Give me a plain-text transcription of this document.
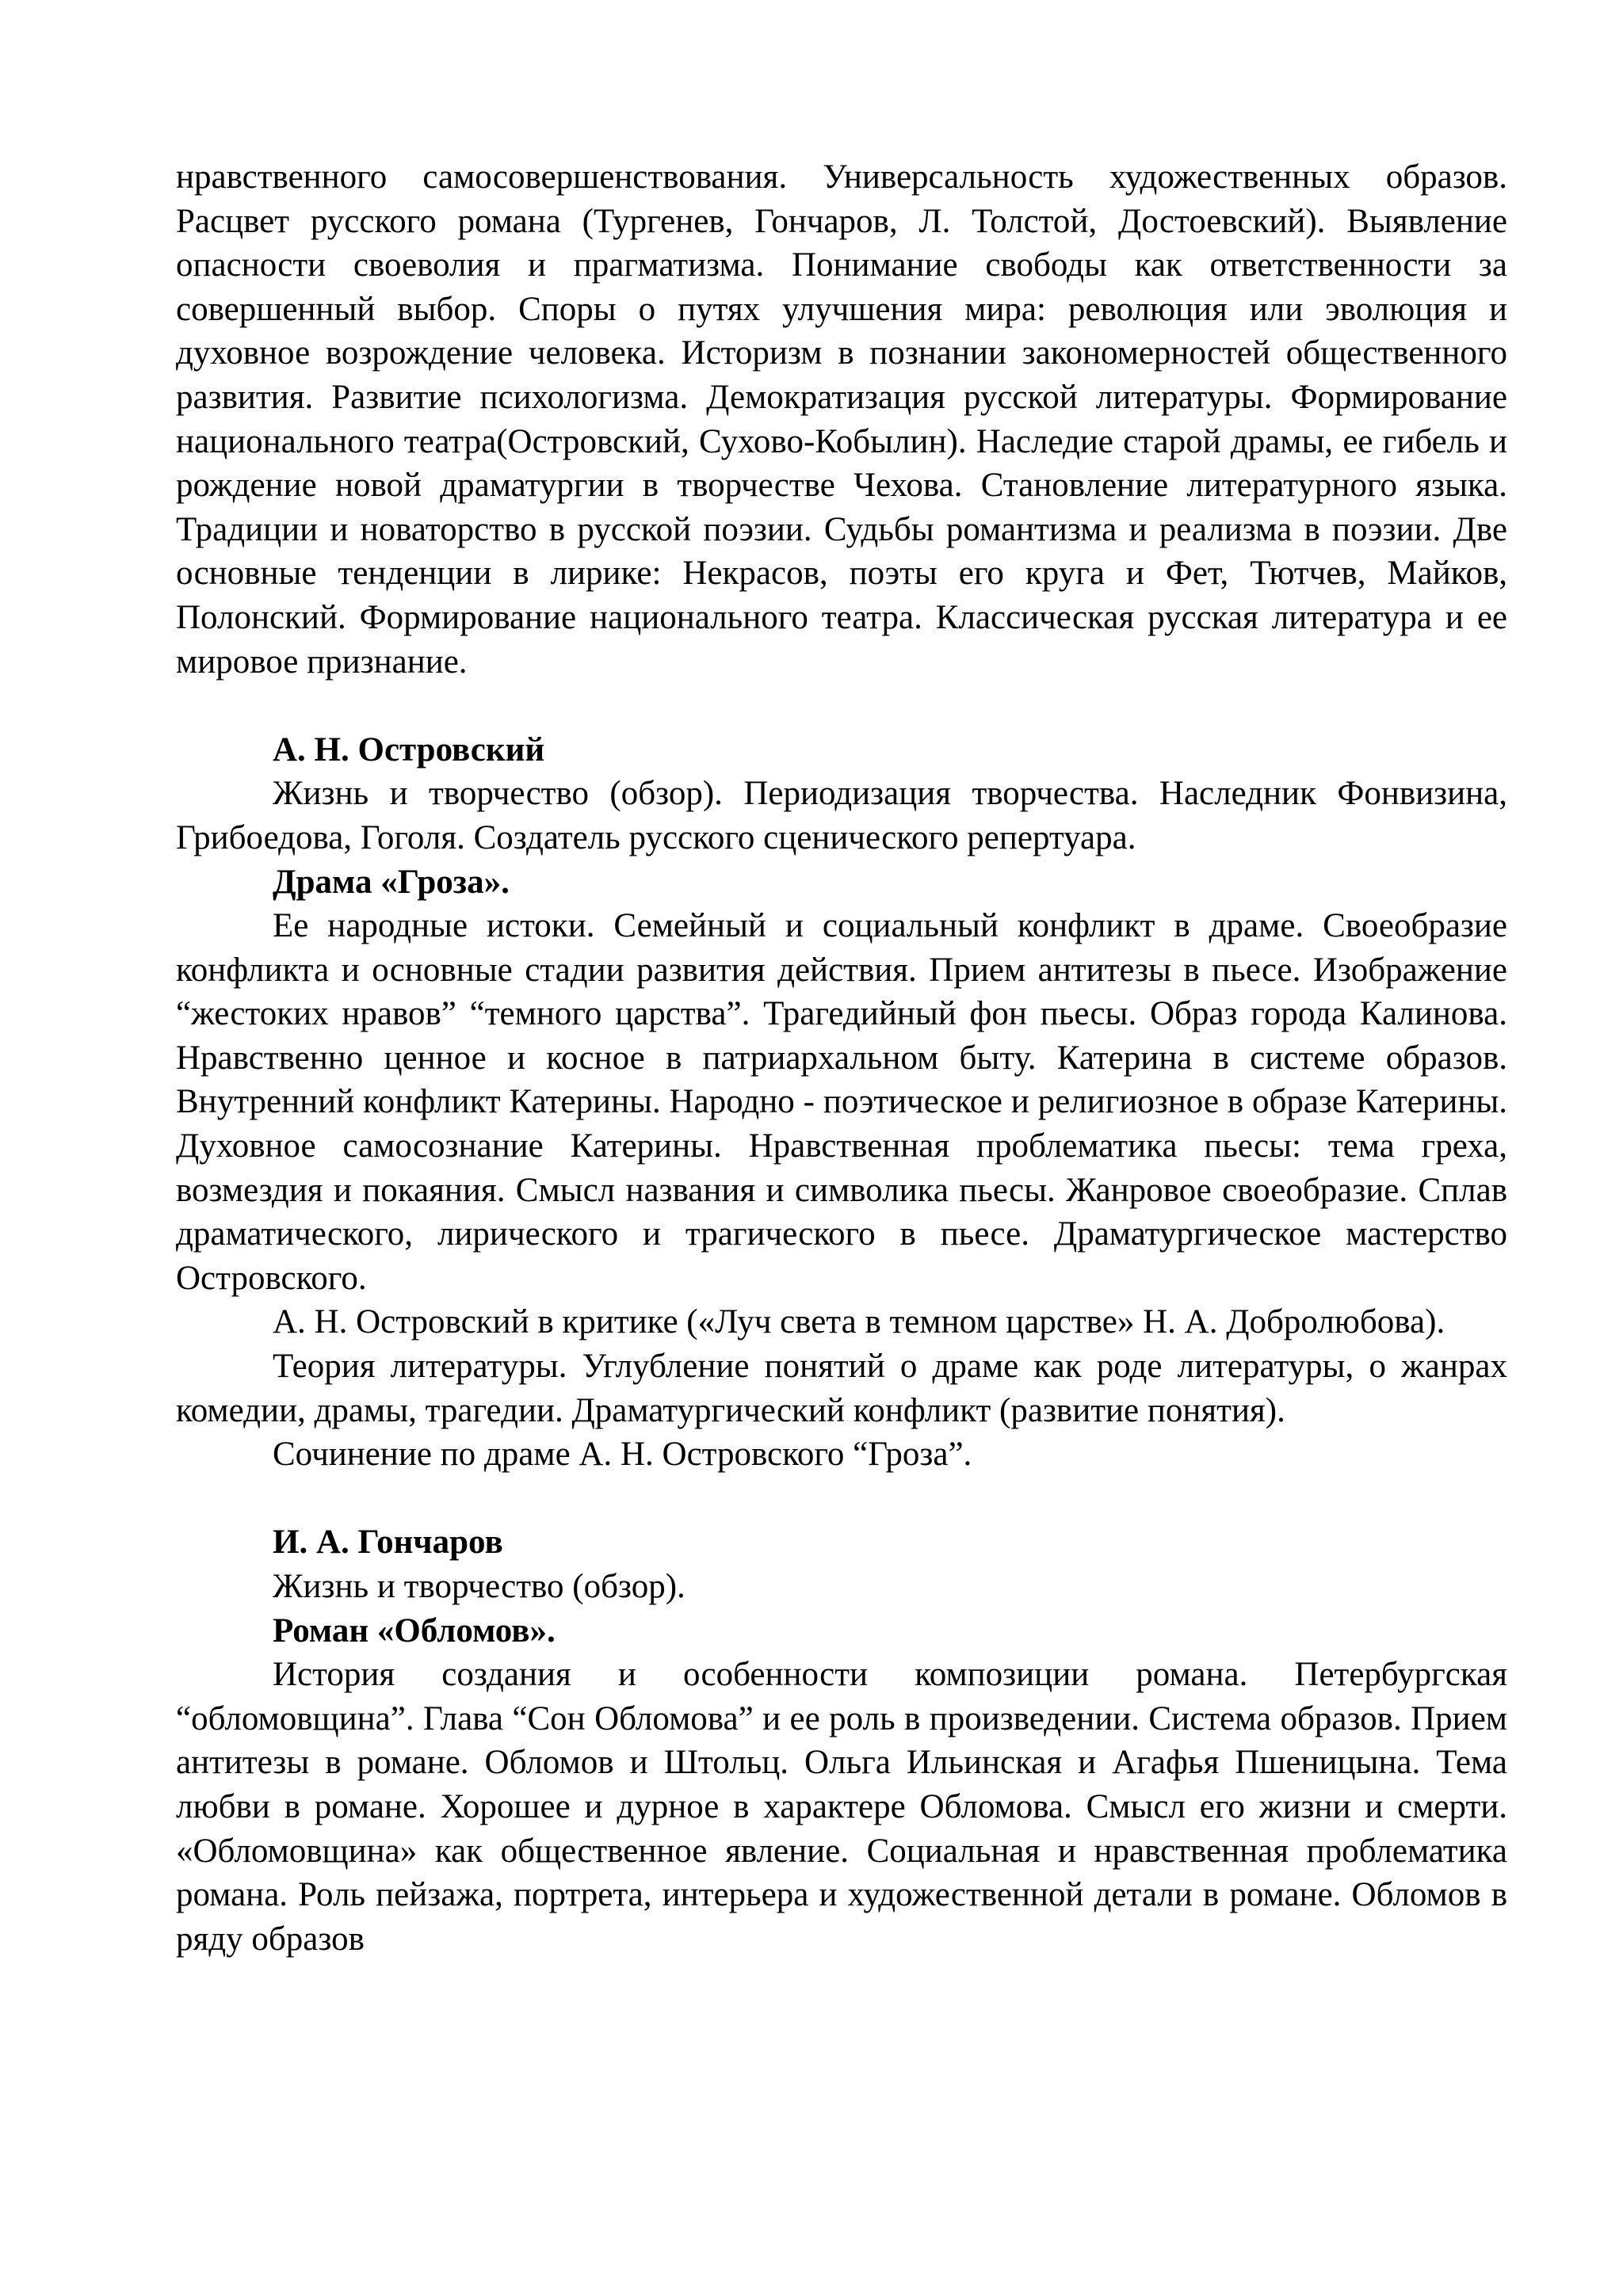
нравственного самосовершенствования. Универсальность художественных образов. Расцвет русского романа (Тургенев, Гончаров, Л. Толстой, Достоевский). Выявление опасности своеволия и прагматизма. Понимание свободы как ответственности за совершенный выбор. Споры о путях улучшения мира: революция или эволюция и духовное возрождение человека. Историзм в познании закономерностей общественного развития. Развитие психологизма. Демократизация русской литературы. Формирование национального театра(Островский, Сухово-Кобылин). Наследие старой драмы, ее гибель и рождение новой драматургии в творчестве Чехова. Становление литературного языка. Традиции и новаторство в русской поэзии. Судьбы романтизма и реализма в поэзии. Две основные тенденции в лирике: Некрасов, поэты его круга и Фет, Тютчев, Майков, Полонский. Формирование национального театра. Классическая русская литература и ее мировое признание.

А. Н. Островский

Жизнь и творчество (обзор). Периодизация творчества. Наследник Фонвизина, Грибоедова, Гоголя. Создатель русского сценического репертуара.

Драма «Гроза».

Ее народные истоки. Семейный и социальный конфликт в драме. Своеобразие конфликта и основные стадии развития действия. Прием антитезы в пьесе. Изображение “жестоких нравов” “темного царства”. Трагедийный фон пьесы. Образ города Калинова. Нравственно ценное и косное в патриархальном быту. Катерина в системе образов. Внутренний конфликт Катерины. Народно - поэтическое и религиозное в образе Катерины. Духовное самосознание Катерины. Нравственная проблематика пьесы: тема греха, возмездия и покаяния. Смысл названия и символика пьесы. Жанровое своеобразие. Сплав драматического, лирического и трагического в пьесе. Драматургическое мастерство Островского.

А. Н. Островский в критике («Луч света в темном царстве» Н. А. Добролюбова).

Теория литературы. Углубление понятий о драме как роде литературы, о жанрах комедии, драмы, трагедии. Драматургический конфликт (развитие понятия).

Сочинение по драме А. Н. Островского “Гроза”.

И. А. Гончаров

Жизнь и творчество (обзор).

Роман «Обломов».

История создания и особенности композиции романа. Петербургская “обломовщина”. Глава “Сон Обломова” и ее роль в произведении. Система образов. Прием антитезы в романе. Обломов и Штольц. Ольга Ильинская и Агафья Пшеницына. Тема любви в романе. Хорошее и дурное в характере Обломова. Смысл его жизни и смерти. «Обломовщина» как общественное явление. Социальная и нравственная проблематика романа. Роль пейзажа, портрета, интерьера и художественной детали в романе. Обломов в ряду образов
